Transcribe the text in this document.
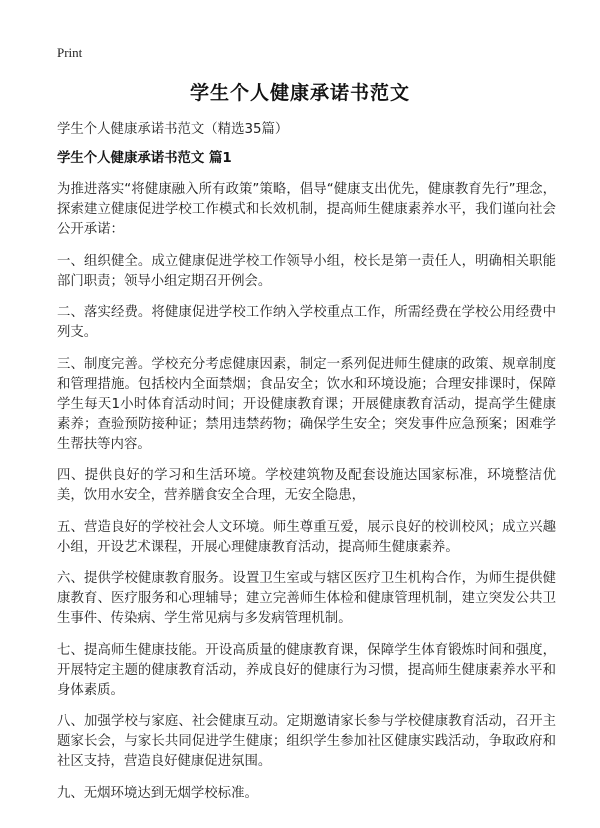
Print
学生个人健康承诺书范文
学生个人健康承诺书范文（精选35篇）
学生个人健康承诺书范文 篇1

为推进落实“将健康融入所有政策”策略，倡导“健康支出优先，健康教育先行”理念，探索建立健康促进学校工作模式和长效机制，提高师生健康素养水平，我们谨向社会公开承诺：

一、组织健全。成立健康促进学校工作领导小组，校长是第一责任人，明确相关职能部门职责；领导小组定期召开例会。

二、落实经费。将健康促进学校工作纳入学校重点工作，所需经费在学校公用经费中列支。

三、制度完善。学校充分考虑健康因素，制定一系列促进师生健康的政策、规章制度和管理措施。包括校内全面禁烟；食品安全；饮水和环境设施；合理安排课时，保障学生每天1小时体育活动时间；开设健康教育课；开展健康教育活动，提高学生健康素养；查验预防接种证；禁用违禁药物；确保学生安全；突发事件应急预案；困难学生帮扶等内容。

四、提供良好的学习和生活环境。学校建筑物及配套设施达国家标准，环境整洁优美，饮用水安全，营养膳食安全合理，无安全隐患，

五、营造良好的学校社会人文环境。师生尊重互爱，展示良好的校训校风；成立兴趣小组，开设艺术课程，开展心理健康教育活动，提高师生健康素养。

六、提供学校健康教育服务。设置卫生室或与辖区医疗卫生机构合作，为师生提供健康教育、医疗服务和心理辅导；建立完善师生体检和健康管理机制，建立突发公共卫生事件、传染病、学生常见病与多发病管理机制。

七、提高师生健康技能。开设高质量的健康教育课，保障学生体育锻炼时间和强度，开展特定主题的健康教育活动，养成良好的健康行为习惯，提高师生健康素养水平和身体素质。

八、加强学校与家庭、社会健康互动。定期邀请家长参与学校健康教育活动，召开主题家长会，与家长共同促进学生健康；组织学生参加社区健康实践活动，争取政府和社区支持，营造良好健康促进氛围。

九、无烟环境达到无烟学校标准。
